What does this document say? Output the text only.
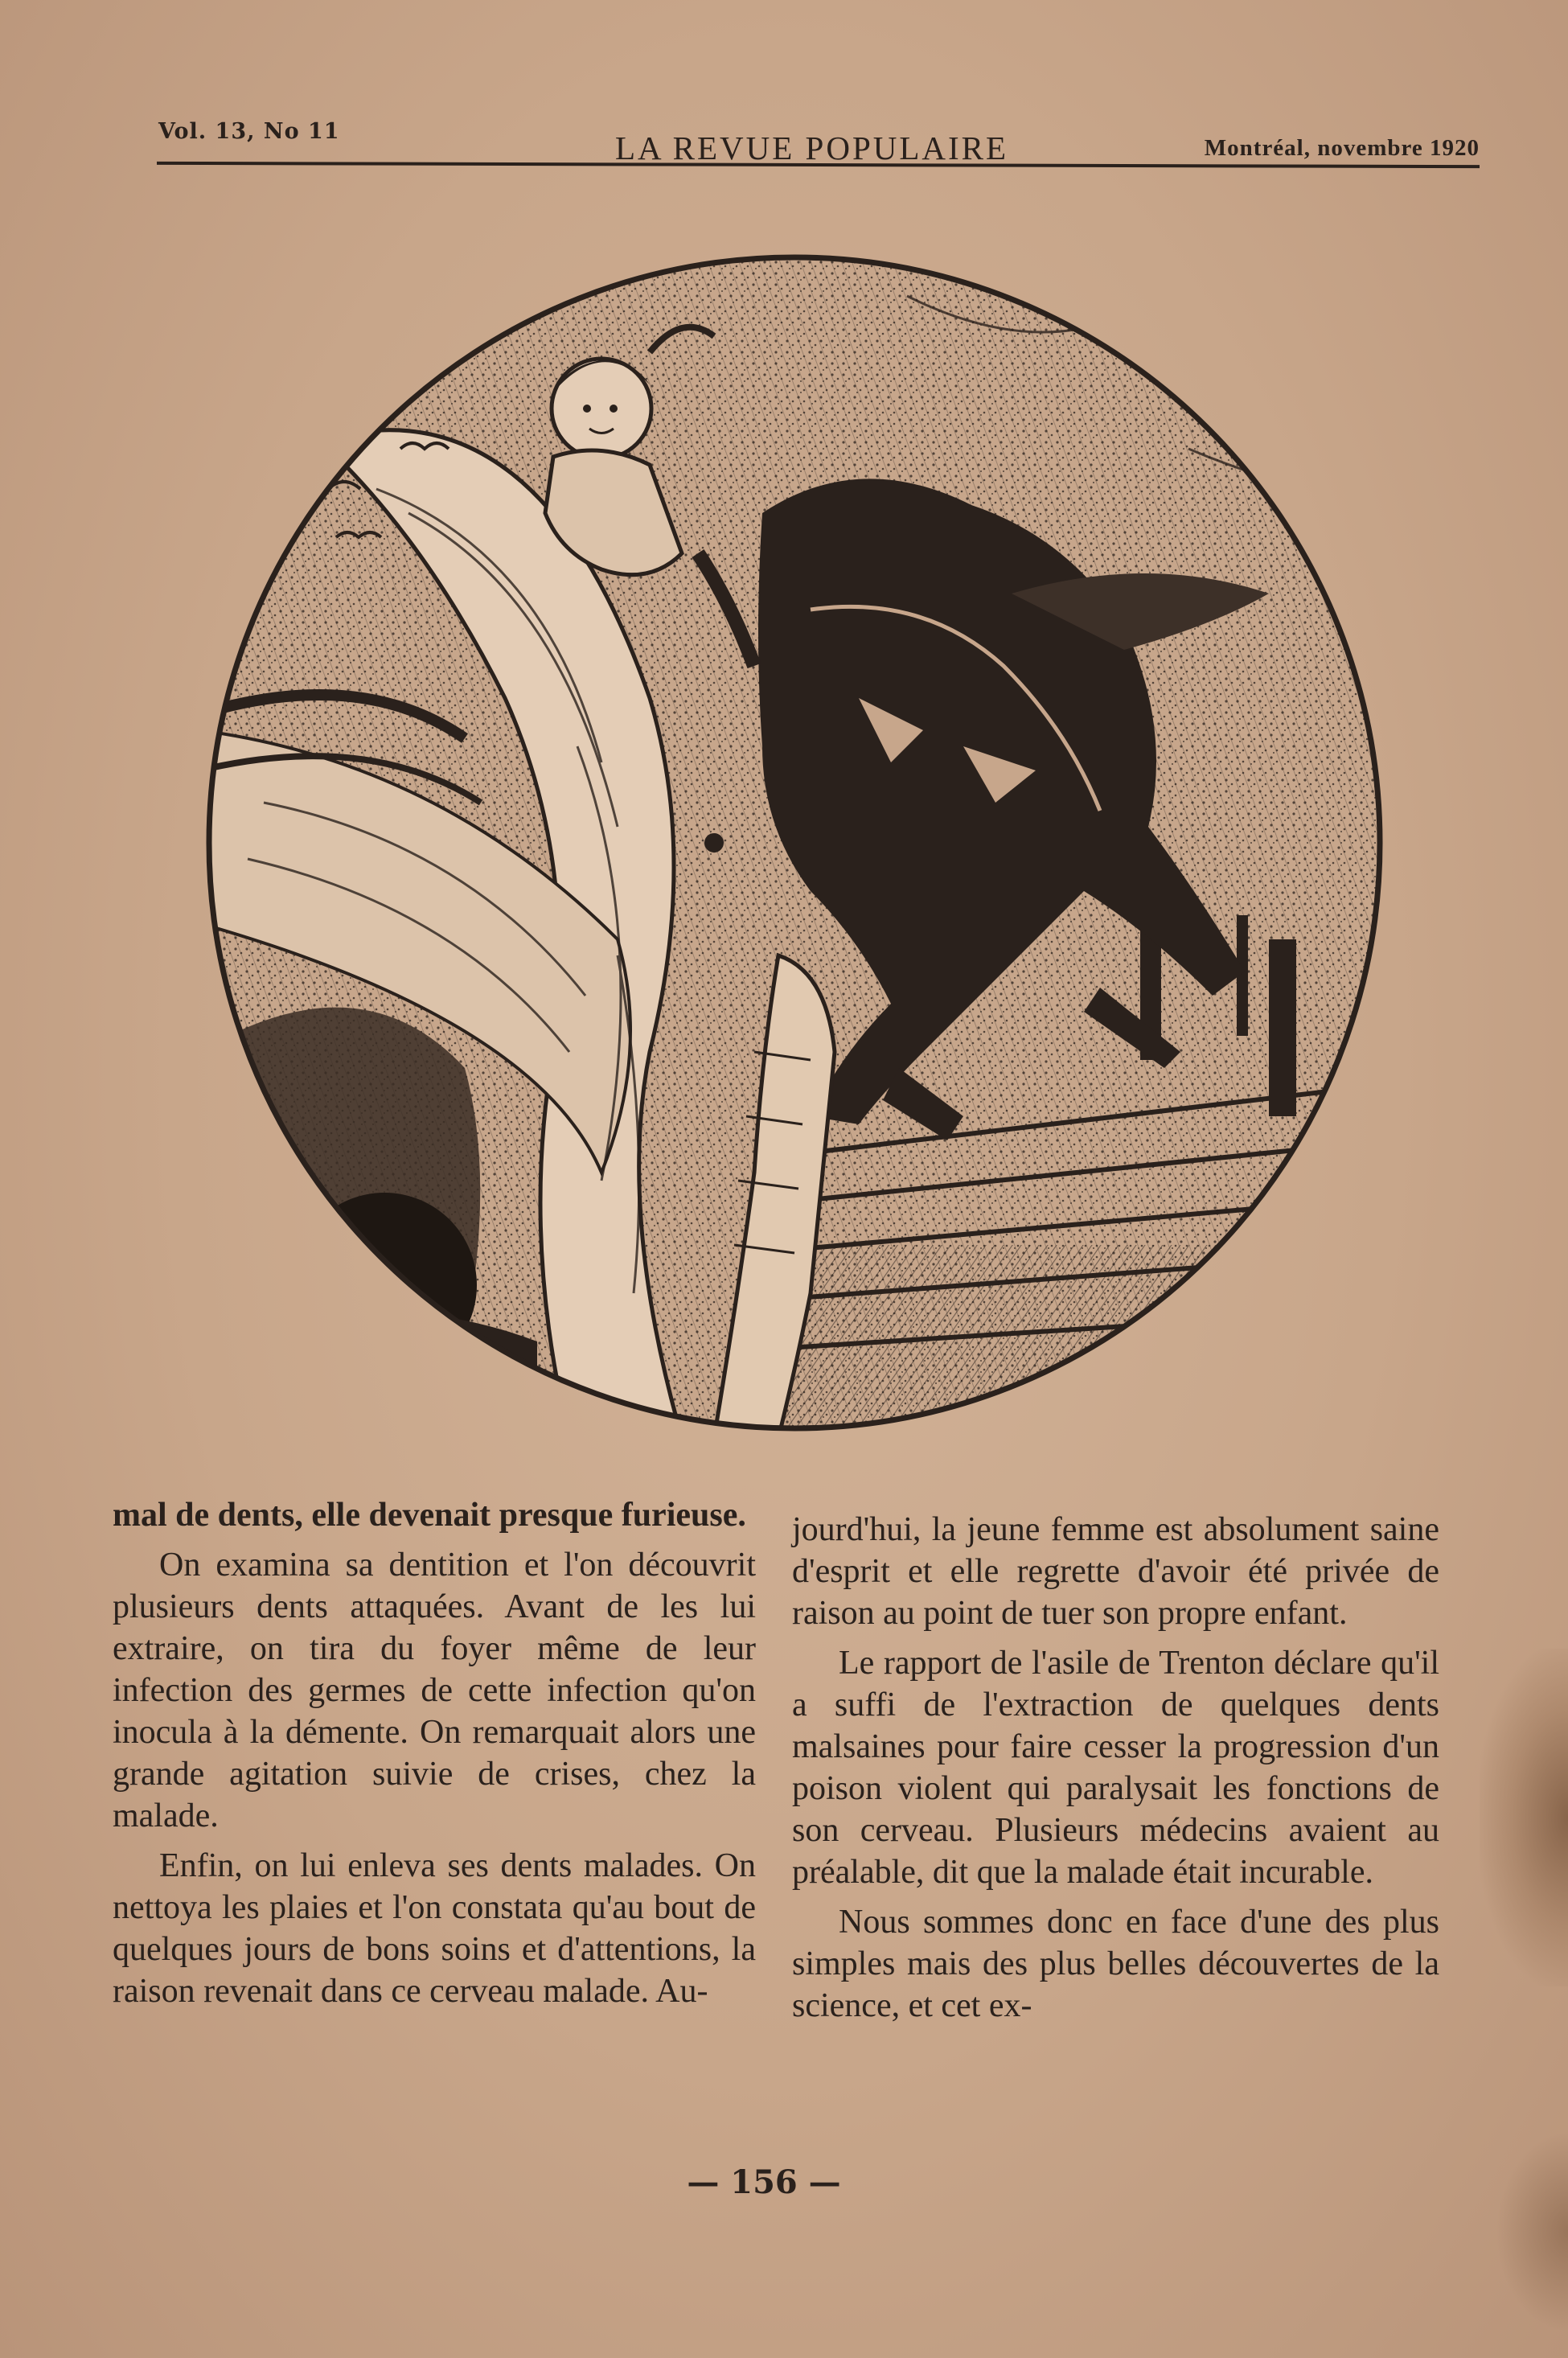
Vol. 13, No 11	LA REVUE POPULAIRE	Montréal, novembre 1920

mal de dents, elle devenait presque furieuse.

On examina sa dentition et l'on découvrit plusieurs dents attaquées. Avant de les lui extraire, on tira du foyer même de leur infection des germes de cette infection qu'on inocula à la démente. On remarquait alors une grande agitation suivie de crises, chez la malade.

Enfin, on lui enleva ses dents malades. On nettoya les plaies et l'on constata qu'au bout de quelques jours de bons soins et d'attentions, la raison revenait dans ce cerveau malade. Au-

jourd'hui, la jeune femme est absolument saine d'esprit et elle regrette d'avoir été privée de raison au point de tuer son propre enfant.

Le rapport de l'asile de Trenton déclare qu'il a suffi de l'extraction de quelques dents malsaines pour faire cesser la progression d'un poison violent qui paralysait les fonctions de son cerveau. Plusieurs médecins avaient au préalable, dit que la malade était incurable.

Nous sommes donc en face d'une des plus simples mais des plus belles découvertes de la science, et cet ex-

— 156 —
